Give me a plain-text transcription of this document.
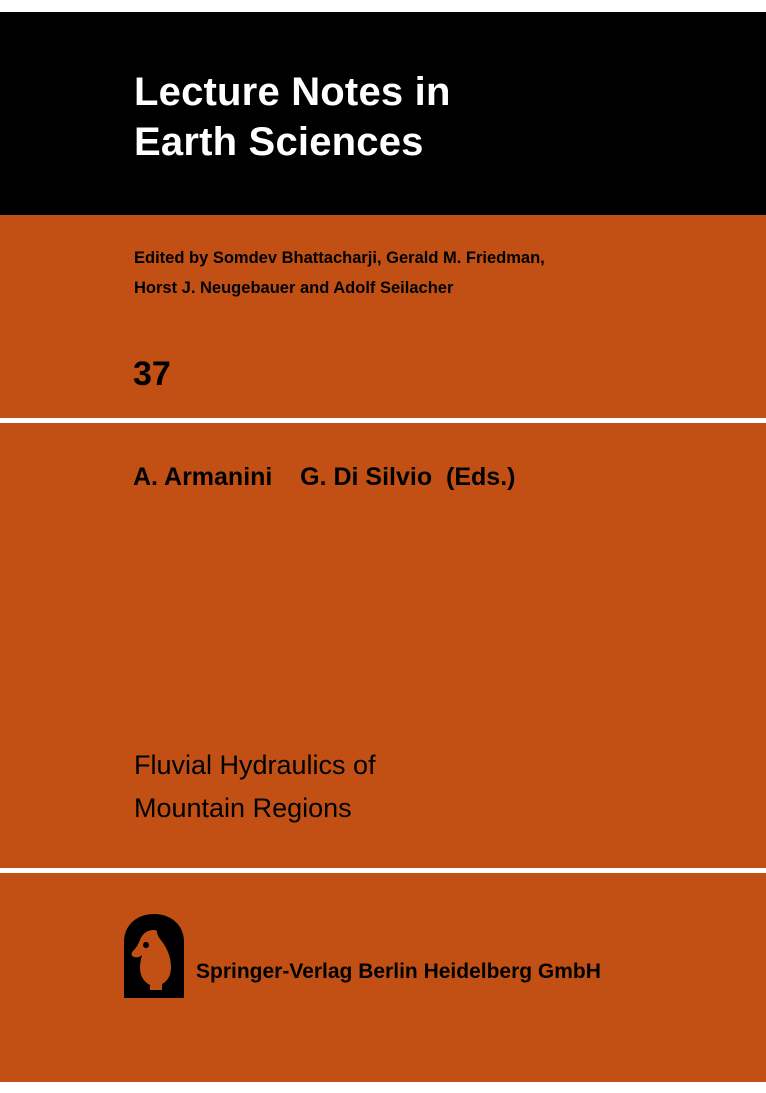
Lecture Notes in
Earth Sciences
Edited by Somdev Bhattacharji, Gerald M. Friedman,
Horst J. Neugebauer and Adolf Seilacher
37
A. Armanini    G. Di Silvio  (Eds.)
Fluvial Hydraulics of
Mountain Regions
Springer-Verlag Berlin Heidelberg GmbH
